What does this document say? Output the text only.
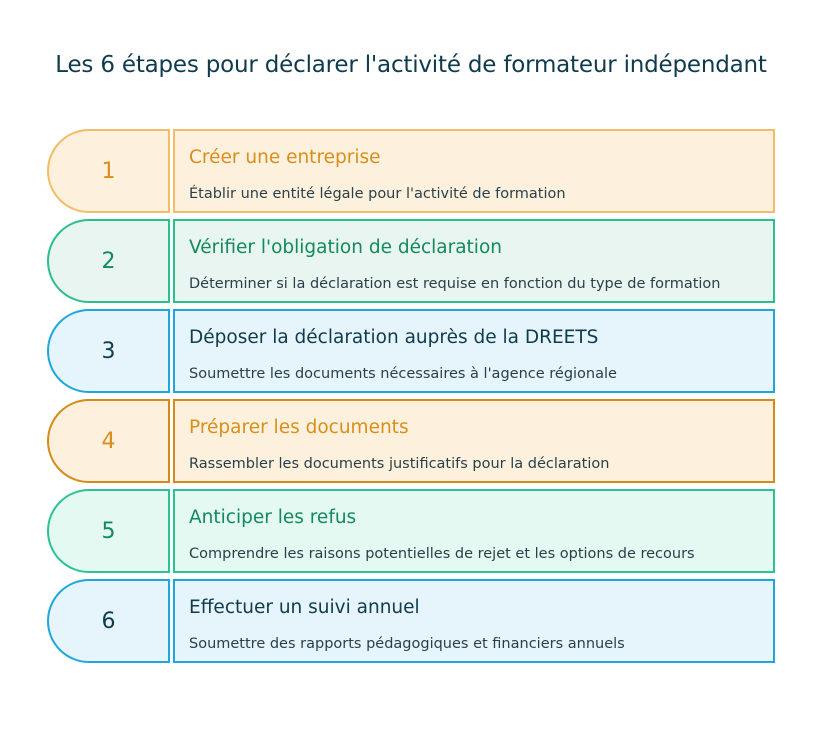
Les 6 étapes pour déclarer l'activité de formateur indépendant
1
Créer une entreprise
Établir une entité légale pour l'activité de formation
2
Vérifier l'obligation de déclaration
Déterminer si la déclaration est requise en fonction du type de formation
3
Déposer la déclaration auprès de la DREETS
Soumettre les documents nécessaires à l'agence régionale
4
Préparer les documents
Rassembler les documents justificatifs pour la déclaration
5
Anticiper les refus
Comprendre les raisons potentielles de rejet et les options de recours
6
Effectuer un suivi annuel
Soumettre des rapports pédagogiques et financiers annuels
